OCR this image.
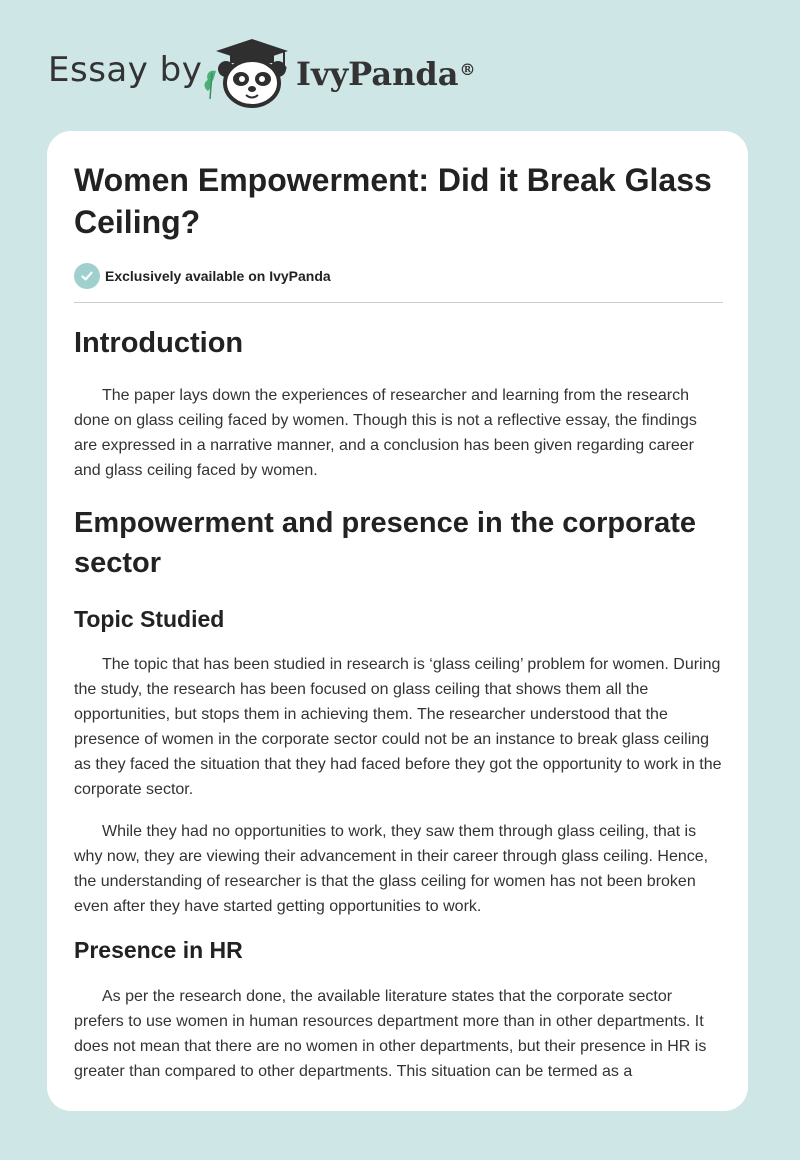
Essay by	IvyPanda®
Women Empowerment: Did it Break Glass Ceiling?
Exclusively available on IvyPanda
Introduction

The paper lays down the experiences of researcher and learning from the research done on glass ceiling faced by women. Though this is not a reflective essay, the findings are expressed in a narrative manner, and a conclusion has been given regarding career and glass ceiling faced by women.

Empowerment and presence in the corporate sector
Topic Studied

The topic that has been studied in research is ‘glass ceiling’ problem for women. During the study, the research has been focused on glass ceiling that shows them all the opportunities, but stops them in achieving them. The researcher understood that the presence of women in the corporate sector could not be an instance to break glass ceiling as they faced the situation that they had faced before they got the opportunity to work in the corporate sector.

While they had no opportunities to work, they saw them through glass ceiling, that is why now, they are viewing their advancement in their career through glass ceiling. Hence, the understanding of researcher is that the glass ceiling for women has not been broken even after they have started getting opportunities to work.

Presence in HR

As per the research done, the available literature states that the corporate sector prefers to use women in human resources department more than in other departments. It does not mean that there are no women in other departments, but their presence in HR is greater than compared to other departments. This situation can be termed as a
